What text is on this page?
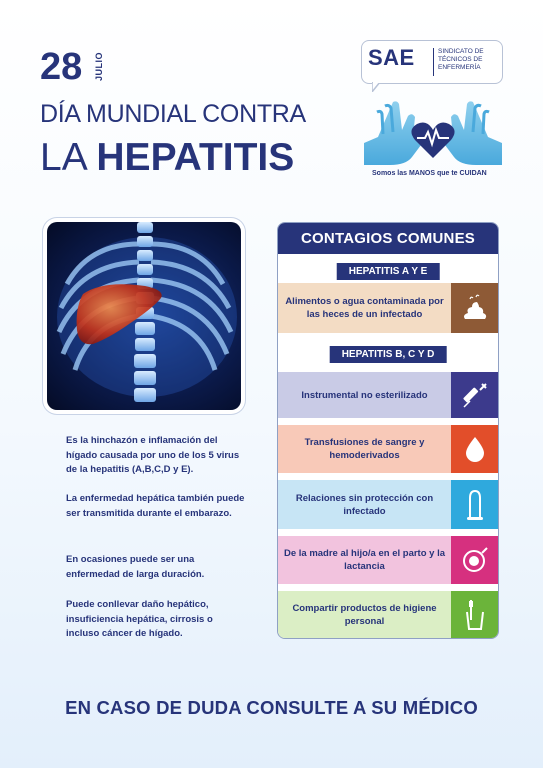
28 JULIO
DÍA MUNDIAL CONTRA
LA HEPATITIS
SAE	SINDICATO DE TÉCNICOS DE ENFERMERÍA
Somos las MANOS que te CUIDAN
Es la hinchazón e inflamación del hígado causada por uno de los 5 virus de la hepatitis (A,B,C,D y E).
La enfermedad hepática también puede ser transmitida durante el embarazo.
En ocasiones puede ser una enfermedad de larga duración.
Puede conllevar daño hepático, insuficiencia hepática, cirrosis o incluso cáncer de hígado.
CONTAGIOS COMUNES
HEPATITIS A Y E
Alimentos o agua contaminada por las heces de un infectado
HEPATITIS B, C Y D
Instrumental no esterilizado
Transfusiones de sangre y hemoderivados
Relaciones sin protección con infectado
De la madre al hijo/a en el parto y la lactancia
Compartir productos de higiene personal
EN CASO DE DUDA CONSULTE A SU MÉDICO
